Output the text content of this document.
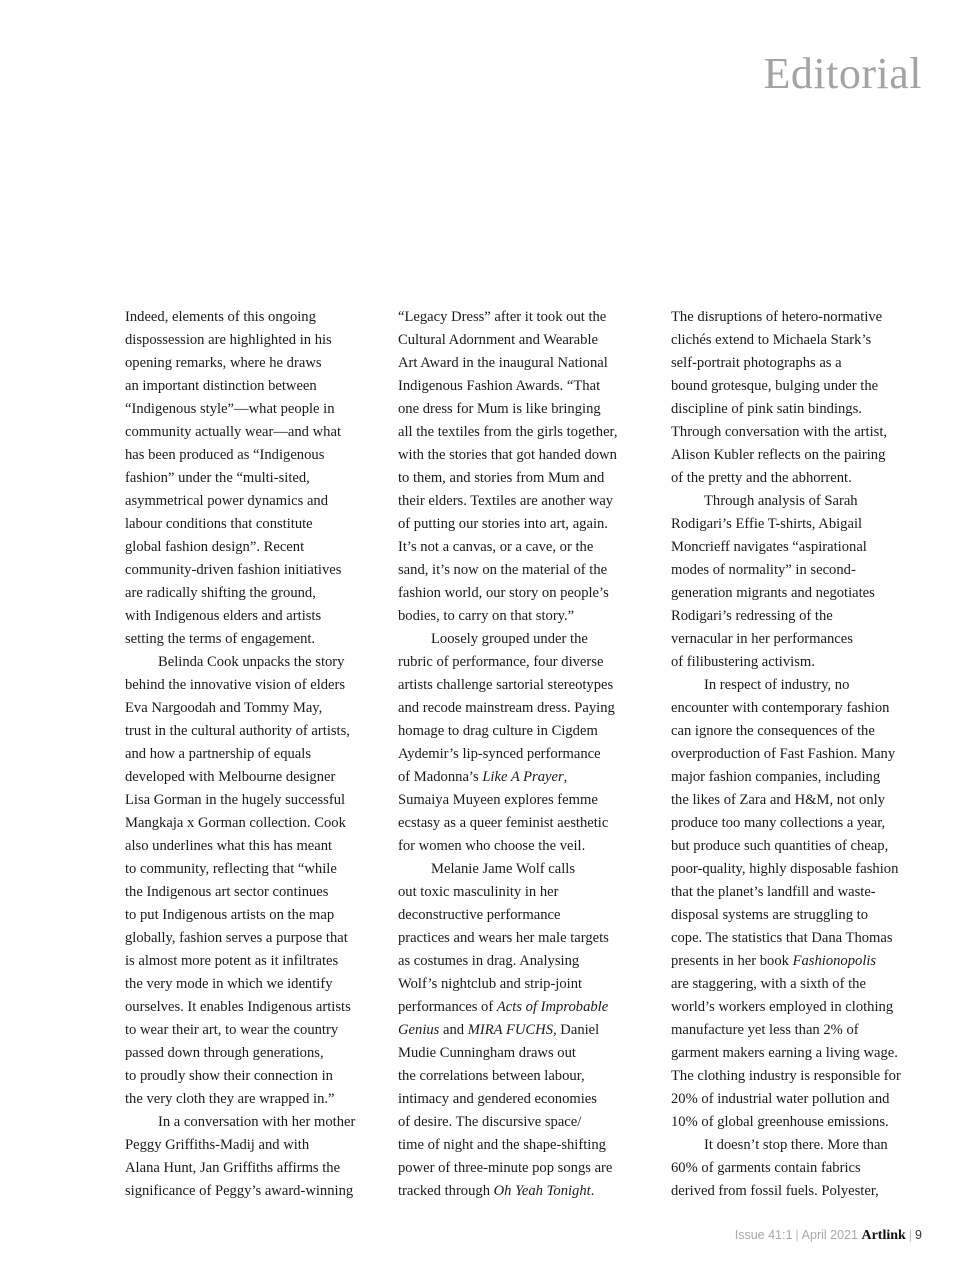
Editorial
Indeed, elements of this ongoing
dispossession are highlighted in his
opening remarks, where he draws
an important distinction between
“Indigenous style”—what people in
community actually wear—and what
has been produced as “Indigenous
fashion” under the “multi-sited,
asymmetrical power dynamics and
labour conditions that constitute
global fashion design”. Recent
community-driven fashion initiatives
are radically shifting the ground,
with Indigenous elders and artists
setting the terms of engagement.
Belinda Cook unpacks the story
behind the innovative vision of elders
Eva Nargoodah and Tommy May,
trust in the cultural authority of artists,
and how a partnership of equals
developed with Melbourne designer
Lisa Gorman in the hugely successful
Mangkaja x Gorman collection. Cook
also underlines what this has meant
to community, reflecting that “while
the Indigenous art sector continues
to put Indigenous artists on the map
globally, fashion serves a purpose that
is almost more potent as it infiltrates
the very mode in which we identify
ourselves. It enables Indigenous artists
to wear their art, to wear the country
passed down through generations,
to proudly show their connection in
the very cloth they are wrapped in.”
In a conversation with her mother
Peggy Griffiths-Madij and with
Alana Hunt, Jan Griffiths affirms the
significance of Peggy’s award-winning
“Legacy Dress” after it took out the
Cultural Adornment and Wearable
Art Award in the inaugural National
Indigenous Fashion Awards. “That
one dress for Mum is like bringing
all the textiles from the girls together,
with the stories that got handed down
to them, and stories from Mum and
their elders. Textiles are another way
of putting our stories into art, again.
It’s not a canvas, or a cave, or the
sand, it’s now on the material of the
fashion world, our story on people’s
bodies, to carry on that story.”
Loosely grouped under the
rubric of performance, four diverse
artists challenge sartorial stereotypes
and recode mainstream dress. Paying
homage to drag culture in Cigdem
Aydemir’s lip-synced performance
of Madonna’s Like A Prayer,
Sumaiya Muyeen explores femme
ecstasy as a queer feminist aesthetic
for women who choose the veil.
Melanie Jame Wolf calls
out toxic masculinity in her
deconstructive performance
practices and wears her male targets
as costumes in drag. Analysing
Wolf’s nightclub and strip-joint
performances of Acts of Improbable
Genius and MIRA FUCHS, Daniel
Mudie Cunningham draws out
the correlations between labour,
intimacy and gendered economies
of desire. The discursive space/
time of night and the shape-shifting
power of three-minute pop songs are
tracked through Oh Yeah Tonight.
The disruptions of hetero-normative
clichés extend to Michaela Stark’s
self-portrait photographs as a
bound grotesque, bulging under the
discipline of pink satin bindings.
Through conversation with the artist,
Alison Kubler reflects on the pairing
of the pretty and the abhorrent.
Through analysis of Sarah
Rodigari’s Effie T-shirts, Abigail
Moncrieff navigates “aspirational
modes of normality” in second-
generation migrants and negotiates
Rodigari’s redressing of the
vernacular in her performances
of filibustering activism.
In respect of industry, no
encounter with contemporary fashion
can ignore the consequences of the
overproduction of Fast Fashion. Many
major fashion companies, including
the likes of Zara and H&M, not only
produce too many collections a year,
but produce such quantities of cheap,
poor-quality, highly disposable fashion
that the planet’s landfill and waste-
disposal systems are struggling to
cope. The statistics that Dana Thomas
presents in her book Fashionopolis
are staggering, with a sixth of the
world’s workers employed in clothing
manufacture yet less than 2% of
garment makers earning a living wage.
The clothing industry is responsible for
20% of industrial water pollution and
10% of global greenhouse emissions.
It doesn’t stop there. More than
60% of garments contain fabrics
derived from fossil fuels. Polyester,
Issue 41:1 | April 2021 Artlink | 9
